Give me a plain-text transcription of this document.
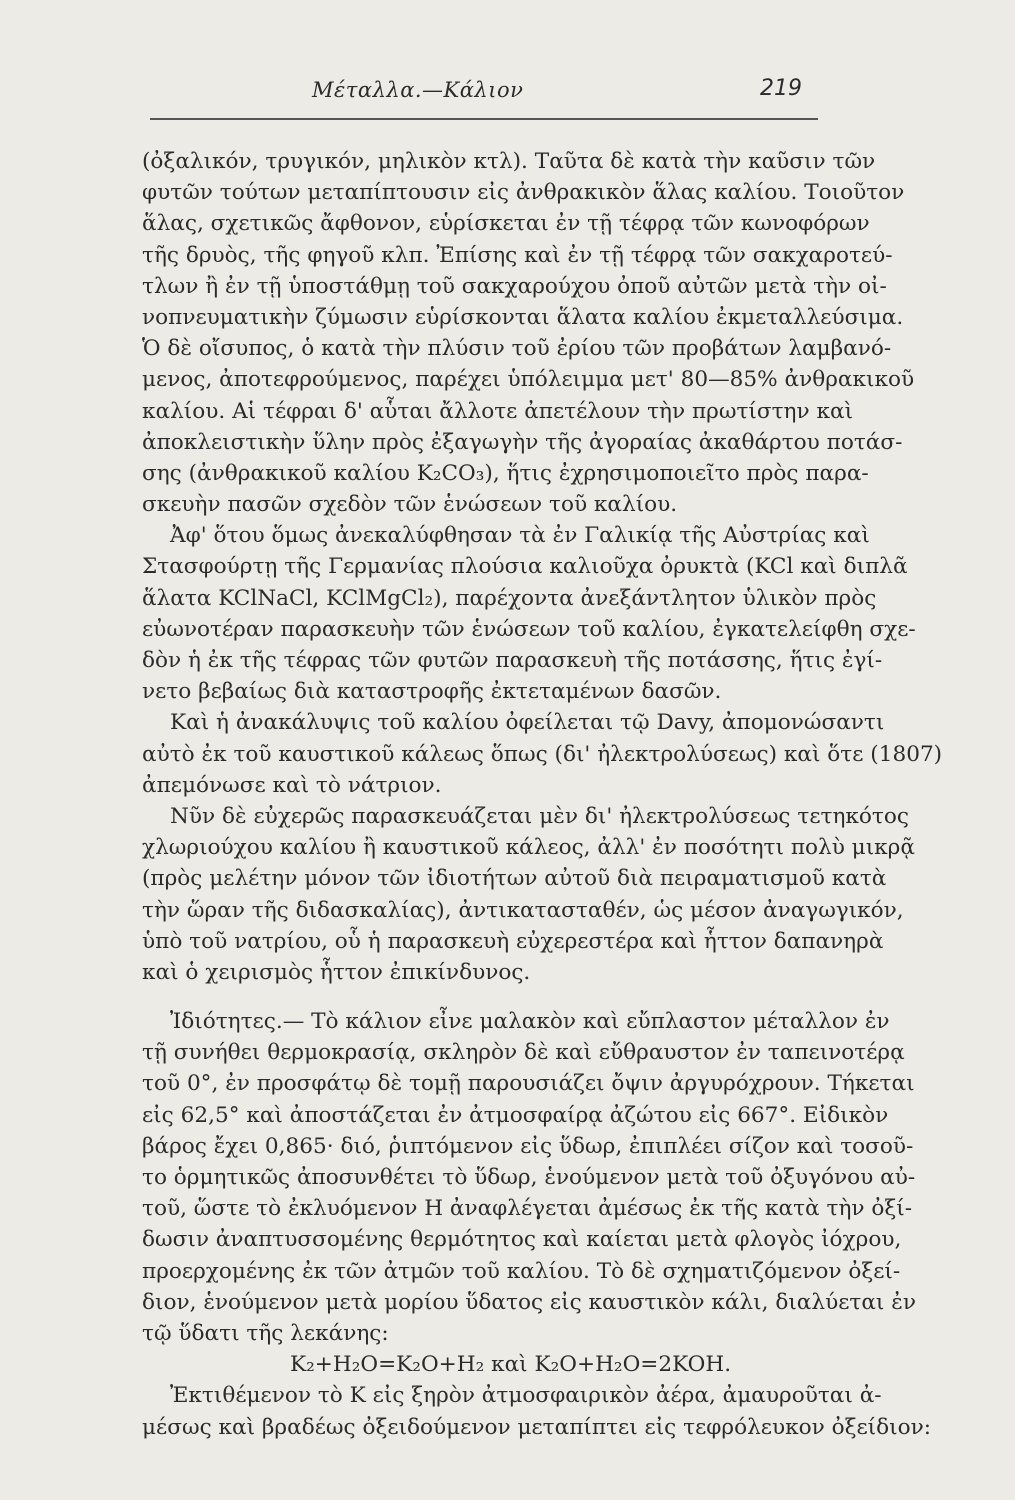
Μέταλλα.—Κάλιον	219
(ὀξαλικόν, τρυγικόν, μηλικὸν κτλ). Ταῦτα δὲ κατὰ τὴν καῦσιν τῶν
φυτῶν τούτων μεταπίπτουσιν εἰς ἀνθρακικὸν ἅλας καλίου. Τοιοῦτον
ἅλας, σχετικῶς ἄφθονον, εὑρίσκεται ἐν τῇ τέφρᾳ τῶν κωνοφόρων
τῆς δρυὸς, τῆς φηγοῦ κλπ. Ἐπίσης καὶ ἐν τῇ τέφρᾳ τῶν σακχαροτεύ-
τλων ἢ ἐν τῇ ὑποστάθμῃ τοῦ σακχαρούχου ὀποῦ αὐτῶν μετὰ τὴν οἰ-
νοπνευματικὴν ζύμωσιν εὑρίσκονται ἅλατα καλίου ἐκμεταλλεύσιμα.
Ὁ δὲ οἴσυπος, ὁ κατὰ τὴν πλύσιν τοῦ ἐρίου τῶν προβάτων λαμβανό-
μενος, ἀποτεφρούμενος, παρέχει ὑπόλειμμα μετ' 80—85% ἀνθρακικοῦ
καλίου. Αἱ τέφραι δ' αὗται ἄλλοτε ἀπετέλουν τὴν πρωτίστην καὶ
ἀποκλειστικὴν ὕλην πρὸς ἐξαγωγὴν τῆς ἀγοραίας ἀκαθάρτου ποτάσ-
σης (ἀνθρακικοῦ καλίου K₂CO₃), ἥτις ἐχρησιμοποιεῖτο πρὸς παρα-
σκευὴν πασῶν σχεδὸν τῶν ἑνώσεων τοῦ καλίου.
Ἀφ' ὅτου ὅμως ἀνεκαλύφθησαν τὰ ἐν Γαλικίᾳ τῆς Αὐστρίας καὶ
Στασφούρτῃ τῆς Γερμανίας πλούσια καλιοῦχα ὀρυκτὰ (KCl καὶ διπλᾶ
ἅλατα KClNaCl, KClMgCl₂), παρέχοντα ἀνεξάντλητον ὑλικὸν πρὸς
εὐωνοτέραν παρασκευὴν τῶν ἑνώσεων τοῦ καλίου, ἐγκατελείφθη σχε-
δὸν ἡ ἐκ τῆς τέφρας τῶν φυτῶν παρασκευὴ τῆς ποτάσσης, ἥτις ἐγί-
νετο βεβαίως διὰ καταστροφῆς ἐκτεταμένων δασῶν.
Καὶ ἡ ἀνακάλυψις τοῦ καλίου ὀφείλεται τῷ Davy, ἀπομονώσαντι
αὐτὸ ἐκ τοῦ καυστικοῦ κάλεως ὅπως (δι' ἠλεκτρολύσεως) καὶ ὅτε (1807)
ἀπεμόνωσε καὶ τὸ νάτριον.
Νῦν δὲ εὐχερῶς παρασκευάζεται μὲν δι' ἠλεκτρολύσεως τετηκότος
χλωριούχου καλίου ἢ καυστικοῦ κάλεος, ἀλλ' ἐν ποσότητι πολὺ μικρᾷ
(πρὸς μελέτην μόνον τῶν ἰδιοτήτων αὐτοῦ διὰ πειραματισμοῦ κατὰ
τὴν ὥραν τῆς διδασκαλίας), ἀντικατασταθέν, ὡς μέσον ἀναγωγικόν,
ὑπὸ τοῦ νατρίου, οὗ ἡ παρασκευὴ εὐχερεστέρα καὶ ἧττον δαπανηρὰ
καὶ ὁ χειρισμὸς ἧττον ἐπικίνδυνος.
Ἰδιότητες.— Τὸ κάλιον εἶνε μαλακὸν καὶ εὔπλαστον μέταλλον ἐν
τῇ συνήθει θερμοκρασίᾳ, σκληρὸν δὲ καὶ εὔθραυστον ἐν ταπεινοτέρᾳ
τοῦ 0°, ἐν προσφάτῳ δὲ τομῇ παρουσιάζει ὄψιν ἀργυρόχρουν. Τήκεται
εἰς 62,5° καὶ ἀποστάζεται ἐν ἀτμοσφαίρᾳ ἀζώτου εἰς 667°. Εἰδικὸν
βάρος ἔχει 0,865· διό, ῥιπτόμενον εἰς ὕδωρ, ἐπιπλέει σίζον καὶ τοσοῦ-
το ὁρμητικῶς ἀποσυνθέτει τὸ ὕδωρ, ἑνούμενον μετὰ τοῦ ὀξυγόνου αὐ-
τοῦ, ὥστε τὸ ἐκλυόμενον H ἀναφλέγεται ἀμέσως ἐκ τῆς κατὰ τὴν ὀξί-
δωσιν ἀναπτυσσομένης θερμότητος καὶ καίεται μετὰ φλογὸς ἰόχρου,
προερχομένης ἐκ τῶν ἀτμῶν τοῦ καλίου. Τὸ δὲ σχηματιζόμενον ὀξεί-
διον, ἑνούμενον μετὰ μορίου ὕδατος εἰς καυστικὸν κάλι, διαλύεται ἐν
τῷ ὕδατι τῆς λεκάνης:
K₂+H₂O=K₂O+H₂ καὶ K₂O+H₂O=2KOH.
Ἐκτιθέμενον τὸ K εἰς ξηρὸν ἀτμοσφαιρικὸν ἀέρα, ἀμαυροῦται ἀ-
μέσως καὶ βραδέως ὀξειδούμενον μεταπίπτει εἰς τεφρόλευκον ὀξείδιον:
